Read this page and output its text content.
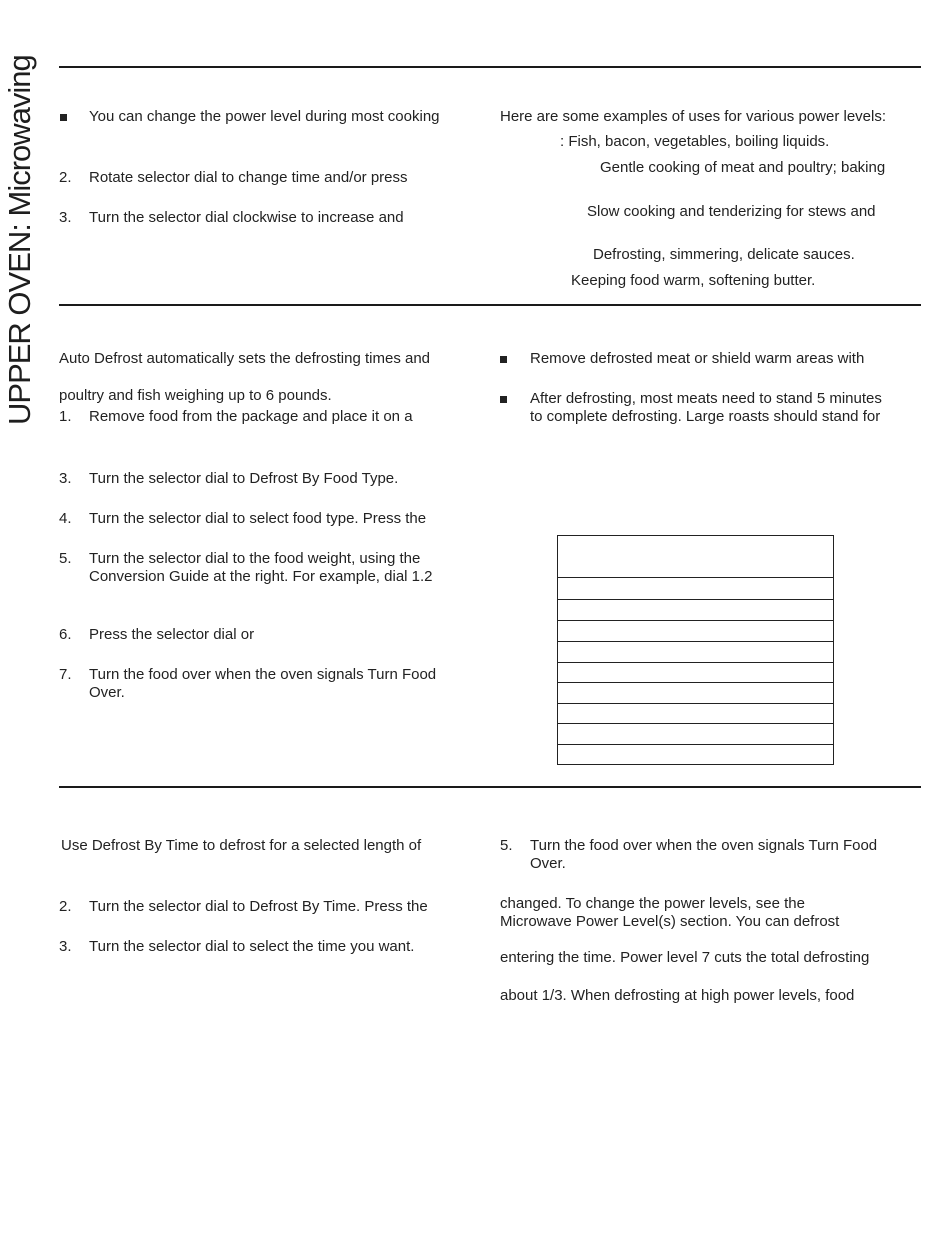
UPPER OVEN: Microwaving	You can change the power level during most cooking
2. Rotate selector dial to change time and/or press
3. Turn the selector dial clockwise to increase and
Here are some examples of uses for various power levels:
: Fish, bacon, vegetables, boiling liquids.
Gentle cooking of meat and poultry; baking
Slow cooking and tenderizing for stews and
Defrosting, simmering, delicate sauces.
Keeping food warm, softening butter.
Auto Defrost automatically sets the defrosting times and
poultry and fish weighing up to 6 pounds.
1. Remove food from the package and place it on a
3. Turn the selector dial to Defrost By Food Type.
4. Turn the selector dial to select food type. Press the
5. Turn the selector dial to the food weight, using the
Conversion Guide at the right. For example, dial 1.2
6. Press the selector dial or
7. Turn the food over when the oven signals Turn Food
Over.
Remove defrosted meat or shield warm areas with
After defrosting, most meats need to stand 5 minutes
to complete defrosting. Large roasts should stand for
Use Defrost By Time to defrost for a selected length of
2. Turn the selector dial to Defrost By Time. Press the
3. Turn the selector dial to select the time you want.
5. Turn the food over when the oven signals Turn Food
Over.
changed. To change the power levels, see the
Microwave Power Level(s) section. You can defrost
entering the time. Power level 7 cuts the total defrosting
about 1/3. When defrosting at high power levels, food
